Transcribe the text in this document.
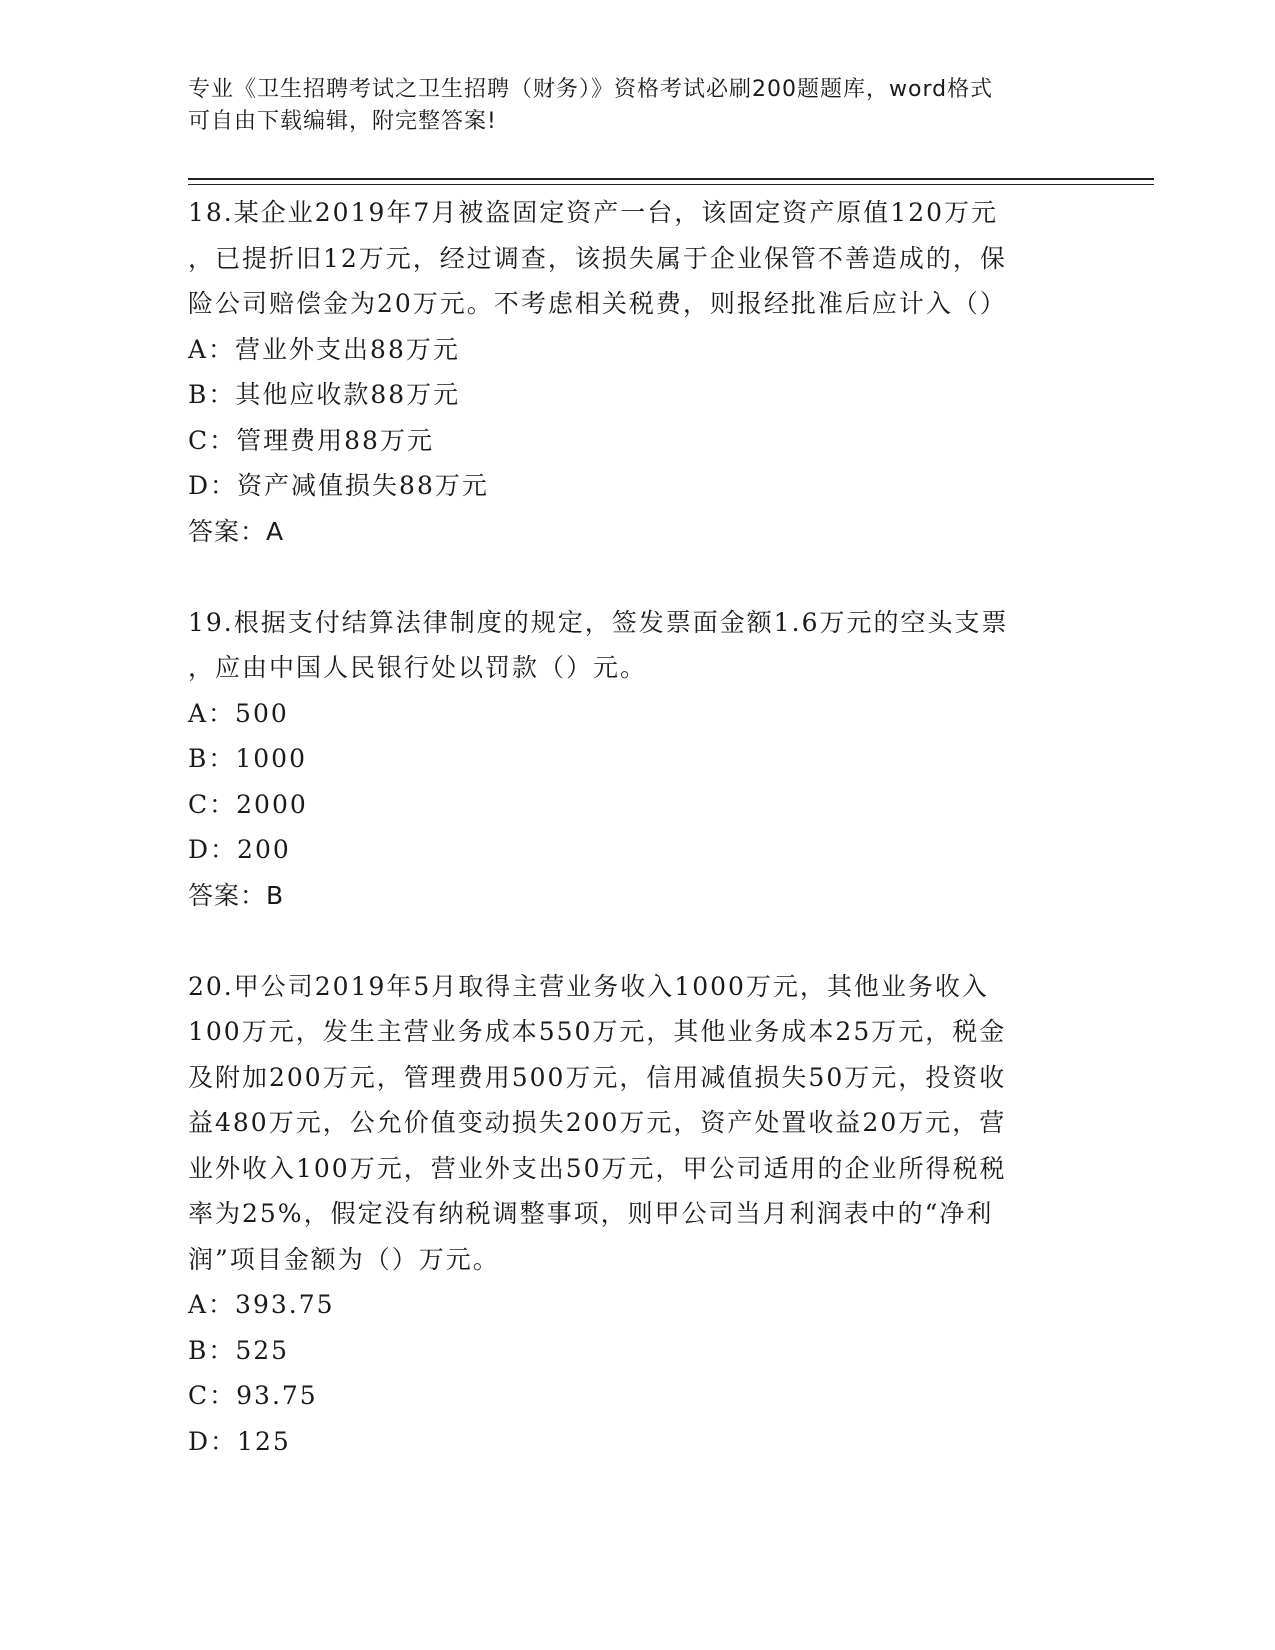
专业《卫生招聘考试之卫生招聘（财务）》资格考试必刷200题题库，word格式
可自由下载编辑，附完整答案!
18.某企业2019年7月被盗固定资产一台，该固定资产原值120万元
，已提折旧12万元，经过调查，该损失属于企业保管不善造成的，保
险公司赔偿金为20万元。不考虑相关税费，则报经批准后应计入（）
A：营业外支出88万元
B：其他应收款88万元
C：管理费用88万元
D：资产减值损失88万元
答案：A
19.根据支付结算法律制度的规定，签发票面金额1.6万元的空头支票
，应由中国人民银行处以罚款（）元。
A：500
B：1000
C：2000
D：200
答案：B
20.甲公司2019年5月取得主营业务收入1000万元，其他业务收入
100万元，发生主营业务成本550万元，其他业务成本25万元，税金
及附加200万元，管理费用500万元，信用减值损失50万元，投资收
益480万元，公允价值变动损失200万元，资产处置收益20万元，营
业外收入100万元，营业外支出50万元，甲公司适用的企业所得税税
率为25%，假定没有纳税调整事项，则甲公司当月利润表中的“净利
润”项目金额为（）万元。
A：393.75
B：525
C：93.75
D：125
